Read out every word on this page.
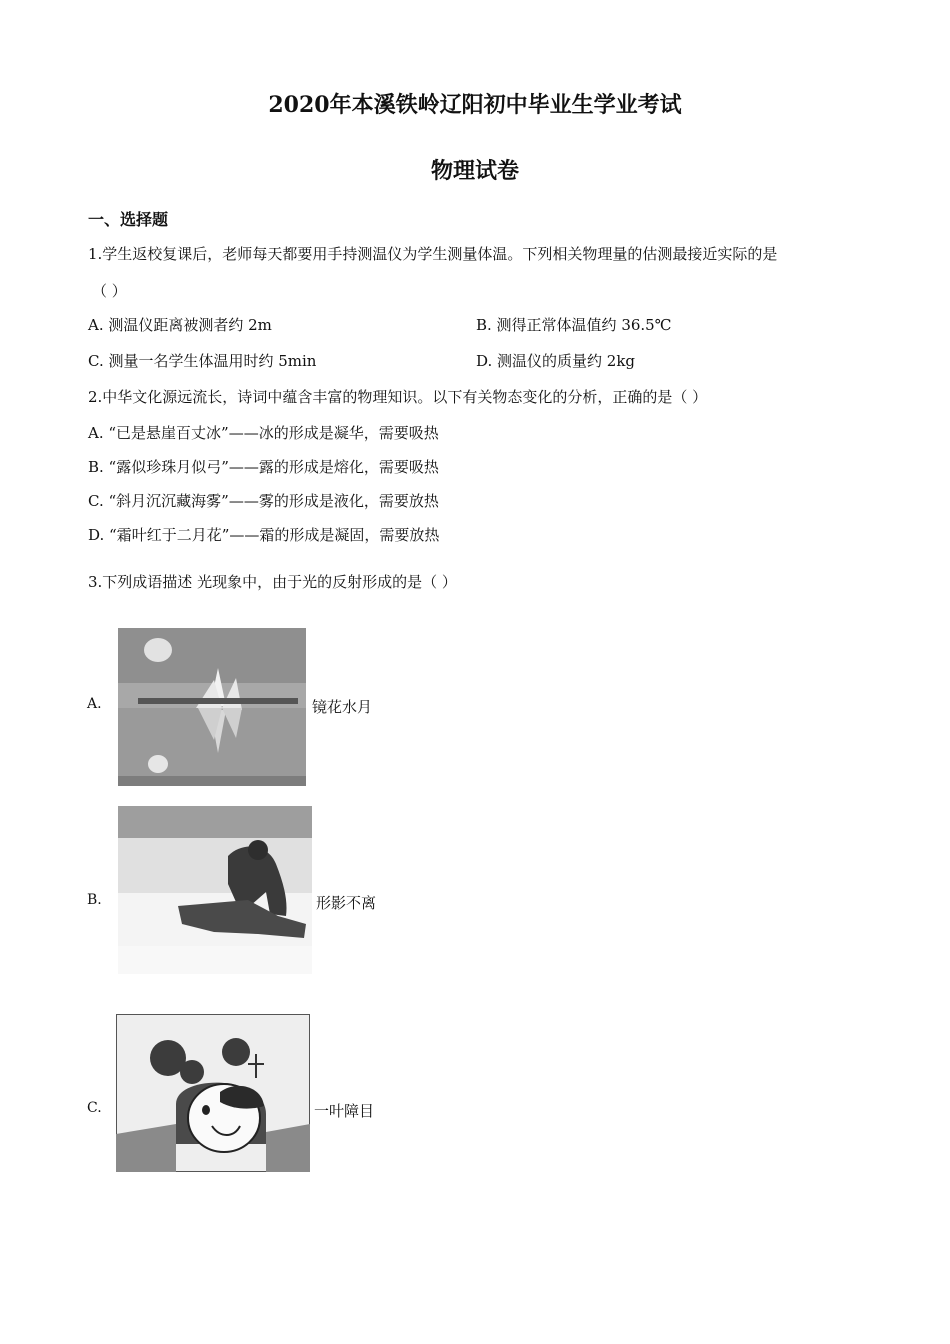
2020年本溪铁岭辽阳初中毕业生学业考试
物理试卷
一、选择题
1.学生返校复课后，老师每天都要用手持测温仪为学生测量体温。下列相关物理量的估测最接近实际的是
（ ）
A. 测温仪距离被测者约 2m	B. 测得正常体温值约 36.5℃
C. 测量一名学生体温用时约 5min	D. 测温仪的质量约 2kg
2.中华文化源远流长，诗词中蕴含丰富的物理知识。以下有关物态变化的分析，正确的是（ ）
A. “已是悬崖百丈冰”——冰的形成是凝华，需要吸热
B. “露似珍珠月似弓”——露的形成是熔化，需要吸热
C. “斜月沉沉藏海雾”——雾的形成是液化，需要放热
D. “霜叶红于二月花”——霜的形成是凝固，需要放热
3.下列成语描述 光现象中，由于光的反射形成的是（ ）
A.	镜花水月
B.	形影不离
C.	一叶障目
